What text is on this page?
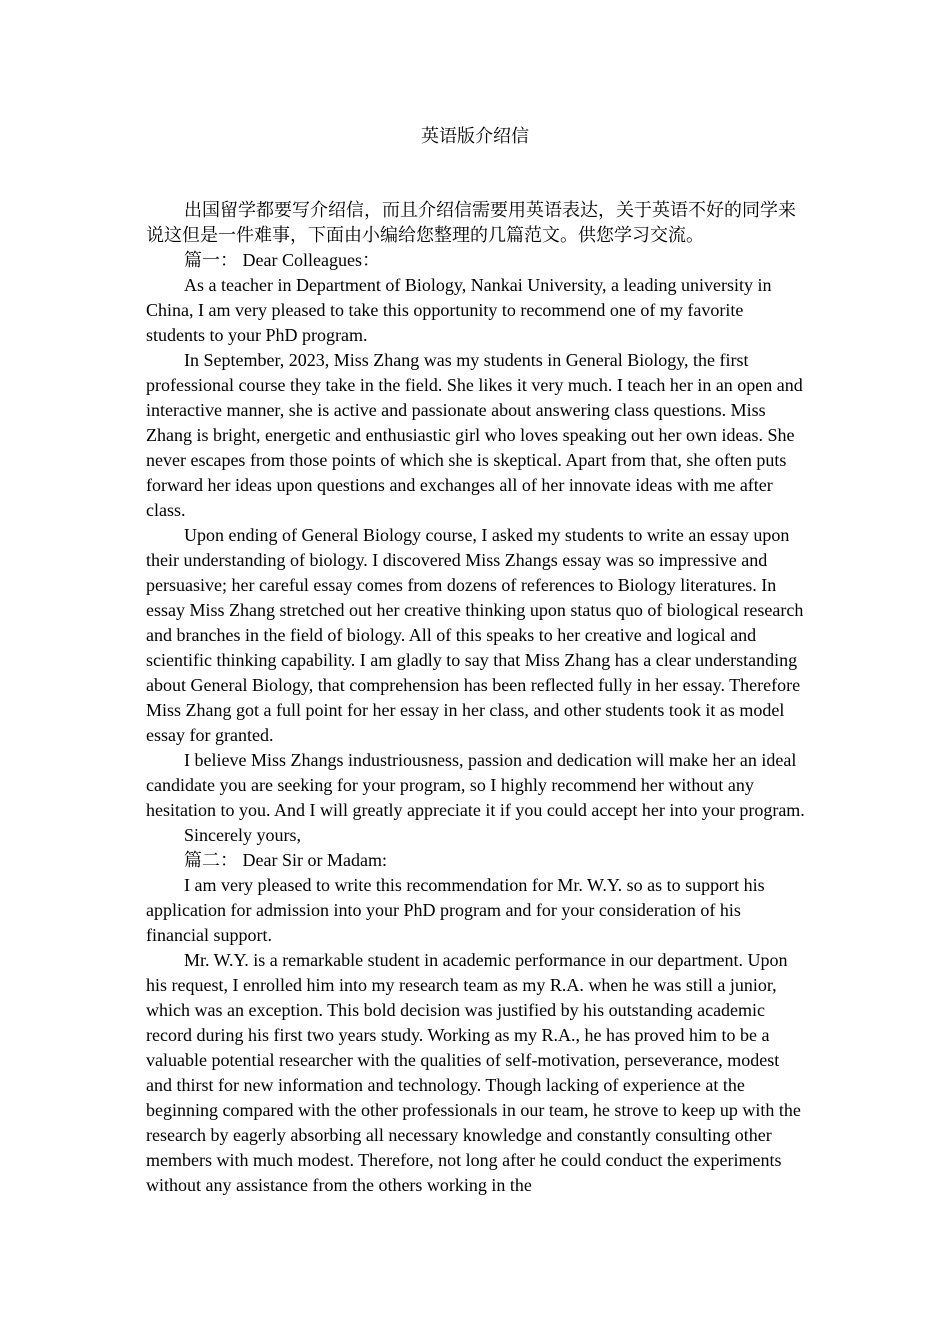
英语版介绍信

出国留学都要写介绍信，而且介绍信需要用英语表达，关于英语不好的同学来说这但是一件难事，下面由小编给您整理的几篇范文。供您学习交流。

篇一： Dear Colleagues：

As a teacher in Department of Biology, Nankai University, a leading university in China, I am very pleased to take this opportunity to recommend one of my favorite students to your PhD program.

In September, 2023, Miss Zhang was my students in General Biology, the first professional course they take in the field. She likes it very much. I teach her in an open and interactive manner, she is active and passionate about answering class questions. Miss Zhang is bright, energetic and enthusiastic girl who loves speaking out her own ideas. She never escapes from those points of which she is skeptical. Apart from that, she often puts forward her ideas upon questions and exchanges all of her innovate ideas with me after class.

Upon ending of General Biology course, I asked my students to write an essay upon their understanding of biology. I discovered Miss Zhangs essay was so impressive and persuasive; her careful essay comes from dozens of references to Biology literatures. In essay Miss Zhang stretched out her creative thinking upon status quo of biological research and branches in the field of biology. All of this speaks to her creative and logical and scientific thinking capability. I am gladly to say that Miss Zhang has a clear understanding about General Biology, that comprehension has been reflected fully in her essay. Therefore Miss Zhang got a full point for her essay in her class, and other students took it as model essay for granted.

I believe Miss Zhangs industriousness, passion and dedication will make her an ideal candidate you are seeking for your program, so I highly recommend her without any hesitation to you. And I will greatly appreciate it if you could accept her into your program.

Sincerely yours,

篇二： Dear Sir or Madam:

I am very pleased to write this recommendation for Mr. W.Y. so as to support his application for admission into your PhD program and for your consideration of his financial support.

Mr. W.Y. is a remarkable student in academic performance in our department. Upon his request, I enrolled him into my research team as my R.A. when he was still a junior, which was an exception. This bold decision was justified by his outstanding academic record during his first two years study. Working as my R.A., he has proved him to be a valuable potential researcher with the qualities of self-motivation, perseverance, modest and thirst for new information and technology. Though lacking of experience at the beginning compared with the other professionals in our team, he strove to keep up with the research by eagerly absorbing all necessary knowledge and constantly consulting other members with much modest. Therefore, not long after he could conduct the experiments without any assistance from the others working in the
